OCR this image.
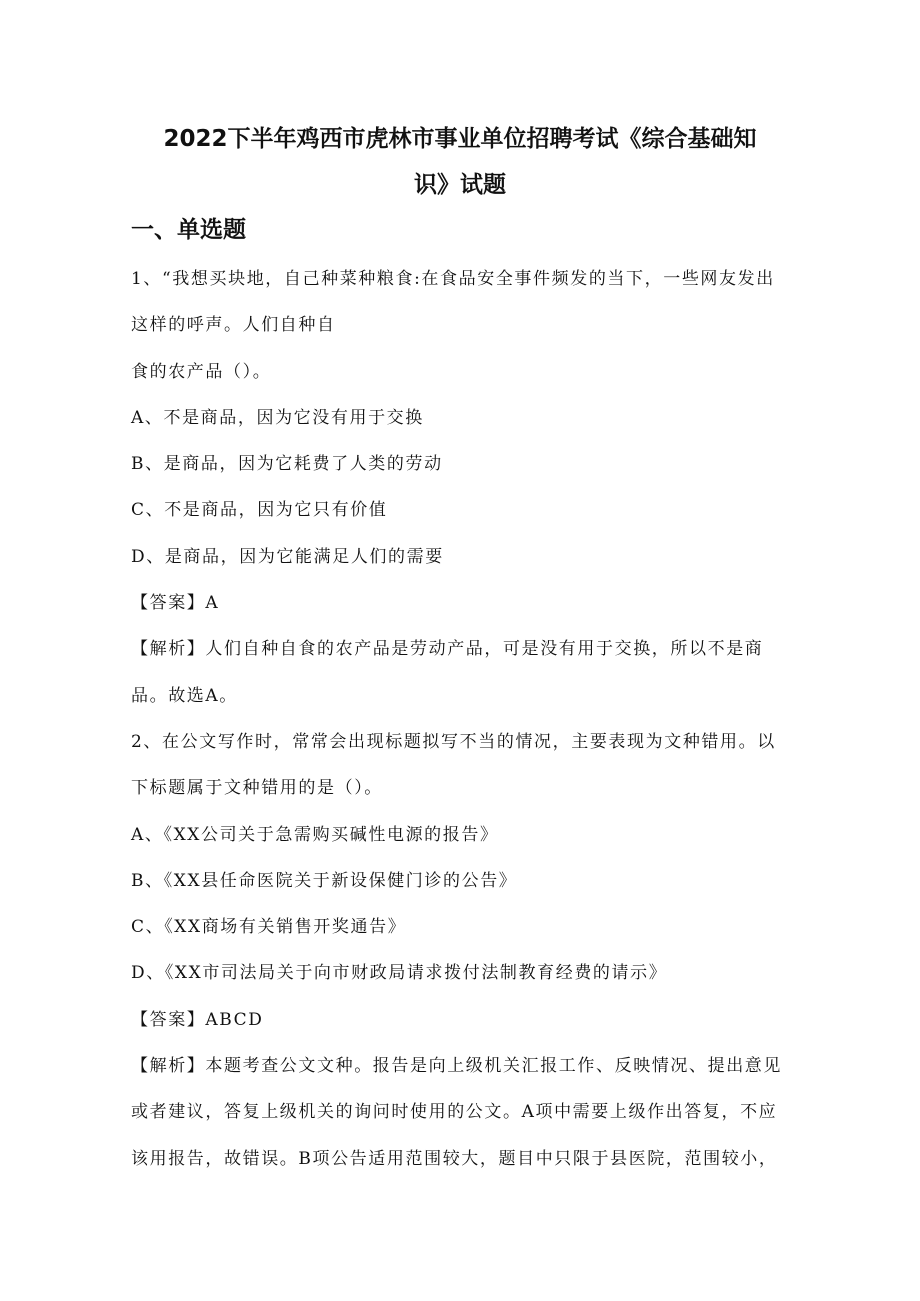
2022下半年鸡西市虎林市事业单位招聘考试《综合基础知
识》试题
一、单选题

1、“我想买块地，自己种菜种粮食:在食品安全事件频发的当下，一些网友发出

这样的呼声。人们自种自

食的农产品（）。

A、不是商品，因为它没有用于交换

B、是商品，因为它耗费了人类的劳动

C、不是商品，因为它只有价值

D、是商品，因为它能满足人们的需要

【答案】A

【解析】人们自种自食的农产品是劳动产品，可是没有用于交换，所以不是商

品。故选A。

2、在公文写作时，常常会出现标题拟写不当的情况，主要表现为文种错用。以

下标题属于文种错用的是（）。

A、《XX公司关于急需购买碱性电源的报告》

B、《XX县任命医院关于新设保健门诊的公告》

C、《XX商场有关销售开奖通告》

D、《XX市司法局关于向市财政局请求拨付法制教育经费的请示》

【答案】ABCD

【解析】本题考查公文文种。报告是向上级机关汇报工作、反映情况、提出意见

或者建议，答复上级机关的询问时使用的公文。A项中需要上级作出答复，不应

该用报告，故错误。B项公告适用范围较大，题目中只限于县医院，范围较小，
